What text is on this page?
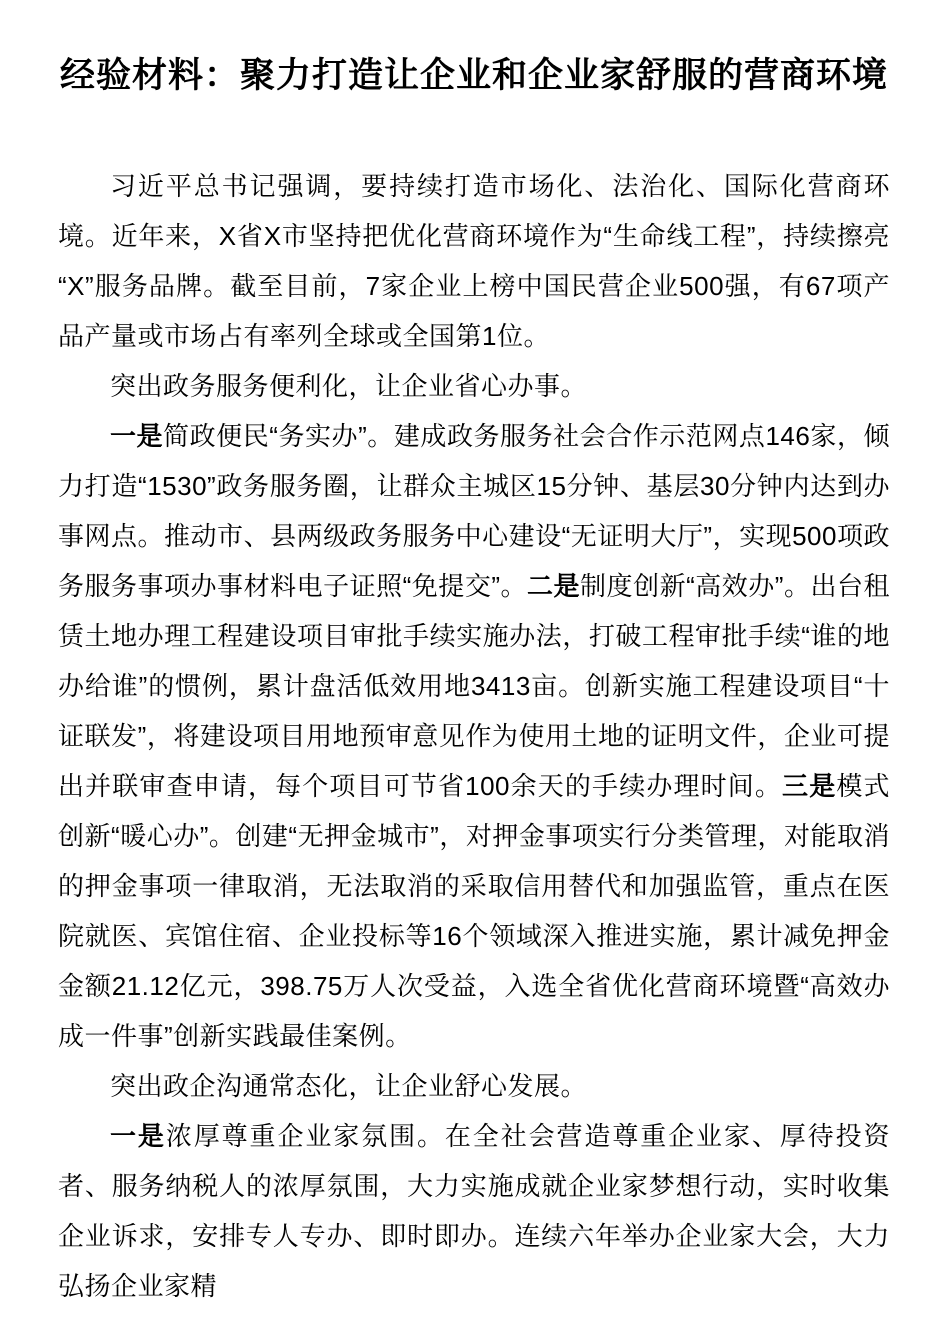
经验材料：聚力打造让企业和企业家舒服的营商环境

习近平总书记强调，要持续打造市场化、法治化、国际化营商环境。近年来，X省X市坚持把优化营商环境作为“生命线工程”，持续擦亮“X”服务品牌。截至目前，7家企业上榜中国民营企业500强，有67项产品产量或市场占有率列全球或全国第1位。

突出政务服务便利化，让企业省心办事。

一是简政便民“务实办”。建成政务服务社会合作示范网点146家，倾力打造“1530”政务服务圈，让群众主城区15分钟、基层30分钟内达到办事网点。推动市、县两级政务服务中心建设“无证明大厅”，实现500项政务服务事项办事材料电子证照“免提交”。二是制度创新“高效办”。出台租赁土地办理工程建设项目审批手续实施办法，打破工程审批手续“谁的地办给谁”的惯例，累计盘活低效用地3413亩。创新实施工程建设项目“十证联发”，将建设项目用地预审意见作为使用土地的证明文件，企业可提出并联审查申请，每个项目可节省100余天的手续办理时间。三是模式创新“暖心办”。创建“无押金城市”，对押金事项实行分类管理，对能取消的押金事项一律取消，无法取消的采取信用替代和加强监管，重点在医院就医、宾馆住宿、企业投标等16个领域深入推进实施，累计减免押金金额21.12亿元，398.75万人次受益，入选全省优化营商环境暨“高效办成一件事”创新实践最佳案例。

突出政企沟通常态化，让企业舒心发展。

一是浓厚尊重企业家氛围。在全社会营造尊重企业家、厚待投资者、服务纳税人的浓厚氛围，大力实施成就企业家梦想行动，实时收集企业诉求，安排专人专办、即时即办。连续六年举办企业家大会，大力弘扬企业家精
